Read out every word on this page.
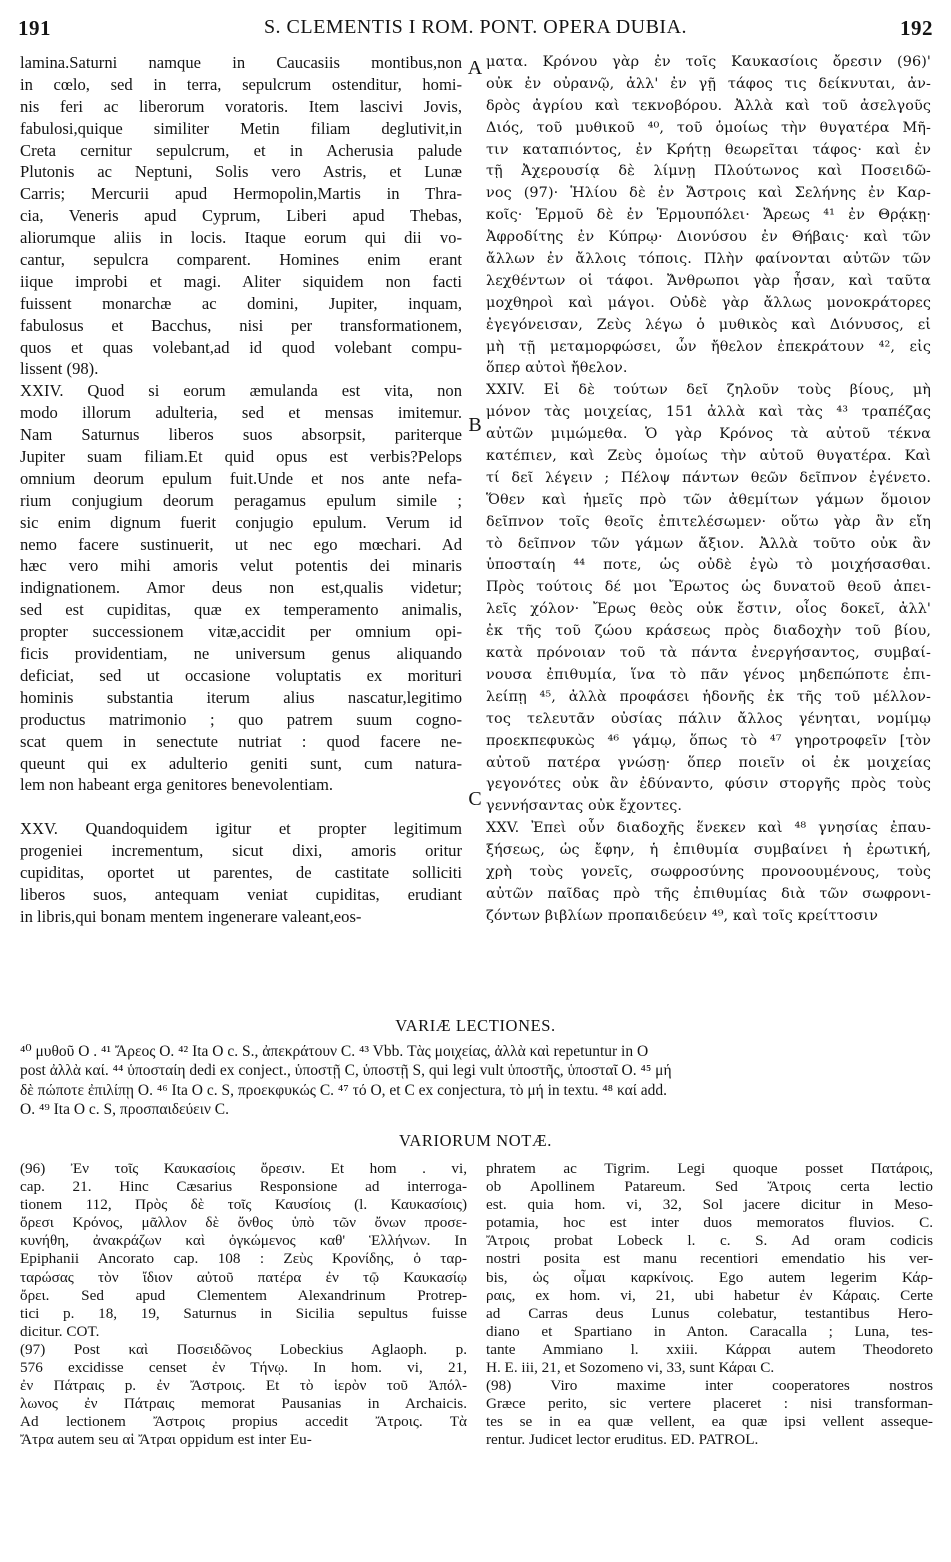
191	S. CLEMENTIS I ROM. PONT. OPERA DUBIA.	192
lamina.Saturni namque in Caucasiis montibus,non
in cœlo, sed in terra, sepulcrum ostenditur, homi-
nis feri ac liberorum voratoris. Item lascivi Jovis,
fabulosi,quique similiter Metin filiam deglutivit,in
Creta cernitur sepulcrum, et in Acherusia palude
Plutonis ac Neptuni, Solis vero Astris, et Lunæ
Carris; Mercurii apud Hermopolin,Martis in Thra-
cia, Veneris apud Cyprum, Liberi apud Thebas,
aliorumque aliis in locis. Itaque eorum qui dii vo-
cantur, sepulcra comparent. Homines enim erant
iique improbi et magi. Aliter siquidem non facti
fuissent monarchæ ac domini, Jupiter, inquam,
fabulosus et Bacchus, nisi per transformationem,
quos et quas volebant,ad id quod volebant compu-
lissent (98).
XXIV. Quod si eorum æmulanda est vita, non
modo illorum adulteria, sed et mensas imitemur.
Nam Saturnus liberos suos absorpsit, pariterque
Jupiter suam filiam.Et quid opus est verbis?Pelops
omnium deorum epulum fuit.Unde et nos ante nefa-
rium conjugium deorum peragamus epulum simile ;
sic enim dignum fuerit conjugio epulum. Verum id
nemo facere sustinuerit, ut nec ego mœchari. Ad
hæc vero mihi amoris velut potentis dei minaris
indignationem. Amor deus non est,qualis videtur;
sed est cupiditas, quæ ex temperamento animalis,
propter successionem vitæ,accidit per omnium opi-
ficis providentiam, ne universum genus aliquando
deficiat, sed ut occasione voluptatis ex morituri
hominis substantia iterum alius nascatur,legitimo
productus matrimonio ; quo patrem suum cogno-
scat quem in senectute nutriat : quod facere ne-
queunt qui ex adulterio geniti sunt, cum natura-
lem non habeant erga genitores benevolentiam.
XXV. Quandoquidem igitur et propter legitimum
progeniei incrementum, sicut dixi, amoris oritur
cupiditas, oportet ut parentes, de castitate solliciti
liberos suos, antequam veniat cupiditas, erudiant
in libris,qui bonam mentem ingenerare valeant,eos-
ματα. Κρόνου γὰρ ἐν τοῖς Καυκασίοις ὄρεσιν (96)'
οὐκ ἐν οὐρανῷ, ἀλλ' ἐν γῇ τάφος τις δείκνυται, ἀν-
δρὸς ἀγρίου καὶ τεκνοβόρου. Ἀλλὰ καὶ τοῦ ἀσελγοῦς
Διός, τοῦ μυθικοῦ ⁴⁰, τοῦ ὁμοίως τὴν θυγατέρα Μῆ-
τιν καταπιόντος, ἐν Κρήτῃ θεωρεῖται τάφος· καὶ ἐν
τῇ Ἀχερουσίᾳ δὲ λίμνῃ Πλούτωνος καὶ Ποσειδῶ-
νος (97)· Ἡλίου δὲ ἐν Ἄστροις καὶ Σελήνης ἐν Καρ-
κοῖς· Ἑρμοῦ δὲ ἐν Ἑρμουπόλει· Ἄρεως ⁴¹ ἐν Θρᾴκῃ·
Ἀφροδίτης ἐν Κύπρῳ· Διονύσου ἐν Θήβαις· καὶ τῶν
ἄλλων ἐν ἄλλοις τόποις. Πλὴν φαίνονται αὐτῶν τῶν
λεχθέντων οἱ τάφοι. Ἄνθρωποι γὰρ ἦσαν, καὶ ταῦτα
μοχθηροὶ καὶ μάγοι. Οὐδὲ γὰρ ἄλλως μονοκράτορες
ἐγεγόνεισαν, Ζεὺς λέγω ὁ μυθικὸς καὶ Διόνυσος, εἰ
μὴ τῇ μεταμορφώσει, ὧν ἤθελον ἐπεκράτουν ⁴², εἰς
ὅπερ αὐτοὶ ἤθελον.
XXIV. Εἰ δὲ τούτων δεῖ ζηλοῦν τοὺς βίους, μὴ
μόνον τὰς μοιχείας, 151 ἀλλὰ καὶ τὰς ⁴³ τραπέζας
αὐτῶν μιμώμεθα. Ὁ γὰρ Κρόνος τὰ αὐτοῦ τέκνα
κατέπιεν, καὶ Ζεὺς ὁμοίως τὴν αὐτοῦ θυγατέρα. Καὶ
τί δεῖ λέγειν ; Πέλοψ πάντων θεῶν δεῖπνον ἐγένετο.
Ὅθεν καὶ ἡμεῖς πρὸ τῶν ἀθεμίτων γάμων ὅμοιον
δεῖπνον τοῖς θεοῖς ἐπιτελέσωμεν· οὕτω γὰρ ἂν εἴη
τὸ δεῖπνον τῶν γάμων ἄξιον. Ἀλλὰ τοῦτο οὐκ ἂν
ὑποσταίη ⁴⁴ ποτε, ὡς οὐδὲ ἐγὼ τὸ μοιχήσασθαι.
Πρὸς τούτοις δέ μοι Ἔρωτος ὡς δυνατοῦ θεοῦ ἀπει-
λεῖς χόλον· Ἔρως θεὸς οὐκ ἔστιν, οἷος δοκεῖ, ἀλλ'
ἐκ τῆς τοῦ ζώου κράσεως πρὸς διαδοχὴν τοῦ βίου,
κατὰ πρόνοιαν τοῦ τὰ πάντα ἐνεργήσαντος, συμβαί-
νουσα ἐπιθυμία, ἵνα τὸ πᾶν γένος μηδεπώποτε ἐπι-
λείπῃ ⁴⁵, ἀλλὰ προφάσει ἡδονῆς ἐκ τῆς τοῦ μέλλον-
τος τελευτᾶν οὐσίας πάλιν ἄλλος γένηται, νομίμῳ
προεκπεφυκὼς ⁴⁶ γάμῳ, ὅπως τὸ ⁴⁷ γηροτροφεῖν [τὸν
αὐτοῦ πατέρα γνώσῃ· ὅπερ ποιεῖν οἱ ἐκ μοιχείας
γεγονότες οὐκ ἂν ἐδύναντο, φύσιν στοργῆς πρὸς τοὺς
γεννήσαντας οὐκ ἔχοντες.
XXV. Ἐπεὶ οὖν διαδοχῆς ἕνεκεν καὶ ⁴⁸ γνησίας ἐπαυ-
ξήσεως, ὡς ἔφην, ἡ ἐπιθυμία συμβαίνει ἡ ἐρωτική,
χρὴ τοὺς γονεῖς, σωφροσύνης προνοουμένους, τοὺς
αὐτῶν παῖδας πρὸ τῆς ἐπιθυμίας διὰ τῶν σωφρονι-
ζόντων βιβλίων προπαιδεύειν ⁴⁹, καὶ τοῖς κρείττοσιν
A
B
C
VARIÆ LECTIONES.
⁴⁰ μυθοῦ O . ⁴¹ Ἄρεος O. ⁴² Ita O c. S., ἀπεκράτουν C. ⁴³ Vbb. Τὰς μοιχείας, ἀλλὰ καὶ repetuntur in O
post ἀλλὰ καί. ⁴⁴ ὑποσταίη dedi ex conject., ὑποστῇ C, ὑποστῇ S, qui legi vult ὑποστῆς, ὑποσταῖ O. ⁴⁵ μή
δὲ πώποτε ἐπιλίπῃ O. ⁴⁶ Ita O c. S, προεκφυκώς C. ⁴⁷ τό O, et C ex conjectura, τὸ μή in textu. ⁴⁸ καί add.
O. ⁴⁹ Ita O c. S, προσπαιδεύειν C.
VARIORUM NOTÆ.
(96) Ἐν τοῖς Καυκασίοις ὄρεσιν. Et hom . vi,
cap. 21. Hinc Cæsarius Responsione ad interroga-
tionem 112, Πρὸς δὲ τοῖς Καυσίοις (l. Καυκασίοις)
ὄρεσι Κρόνος, μᾶλλον δὲ ὄνθος ὑπὸ τῶν ὄνων προσε-
κυνήθη, ἀνακράζων καὶ ὀγκώμενος καθ' Ἑλλήνων. In
Epiphanii Ancorato cap. 108 : Ζεὺς Κρονίδης, ὁ ταρ-
ταρώσας τὸν ἴδιον αὐτοῦ πατέρα ἐν τῷ Καυκασίῳ
ὄρει. Sed apud Clementem Alexandrinum Protrep-
tici p. 18, 19, Saturnus in Sicilia sepultus fuisse
dicitur. COT.
(97) Post καὶ Ποσειδῶνος Lobeckius Aglaoph. p.
576 excidisse censet ἐν Τήνῳ. In hom. vi, 21,
ἐν Πάτραις p. ἐν Ἄστροις. Et τὸ ἱερὸν τοῦ Ἀπόλ-
λωνος ἐν Πάτραις memorat Pausanias in Archaicis.
Ad lectionem Ἄστροις propius accedit Ἄτροις. Τὰ
Ἄτρα autem seu αἱ Ἄτραι oppidum est inter Eu-
phratem ac Tigrim. Legi quoque posset Πατάροις,
ob Apollinem Patareum. Sed Ἄτροις certa lectio
est. quia hom. vi, 32, Sol jacere dicitur in Meso-
potamia, hoc est inter duos memoratos fluvios. C.
Ἄτροις probat Lobeck l. c. S. Ad oram codicis
nostri posita est manu recentiori emendatio his ver-
bis, ὡς οἶμαι καρκίνοις. Ego autem legerim Κάρ-
ραις, ex hom. vi, 21, ubi habetur ἐν Κάραις. Certe
ad Carras deus Lunus colebatur, testantibus Hero-
diano et Spartiano in Anton. Caracalla ; Luna, tes-
tante Ammiano l. xxiii. Κάρραι autem Theodoreto
H. E. iii, 21, et Sozomeno vi, 33, sunt Κάραι C.
(98) Viro maxime inter cooperatores nostros
Græce perito, sic vertere placeret : nisi transforman-
tes se in ea quæ vellent, ea quæ ipsi vellent asseque-
rentur. Judicet lector eruditus. ED. PATROL.
